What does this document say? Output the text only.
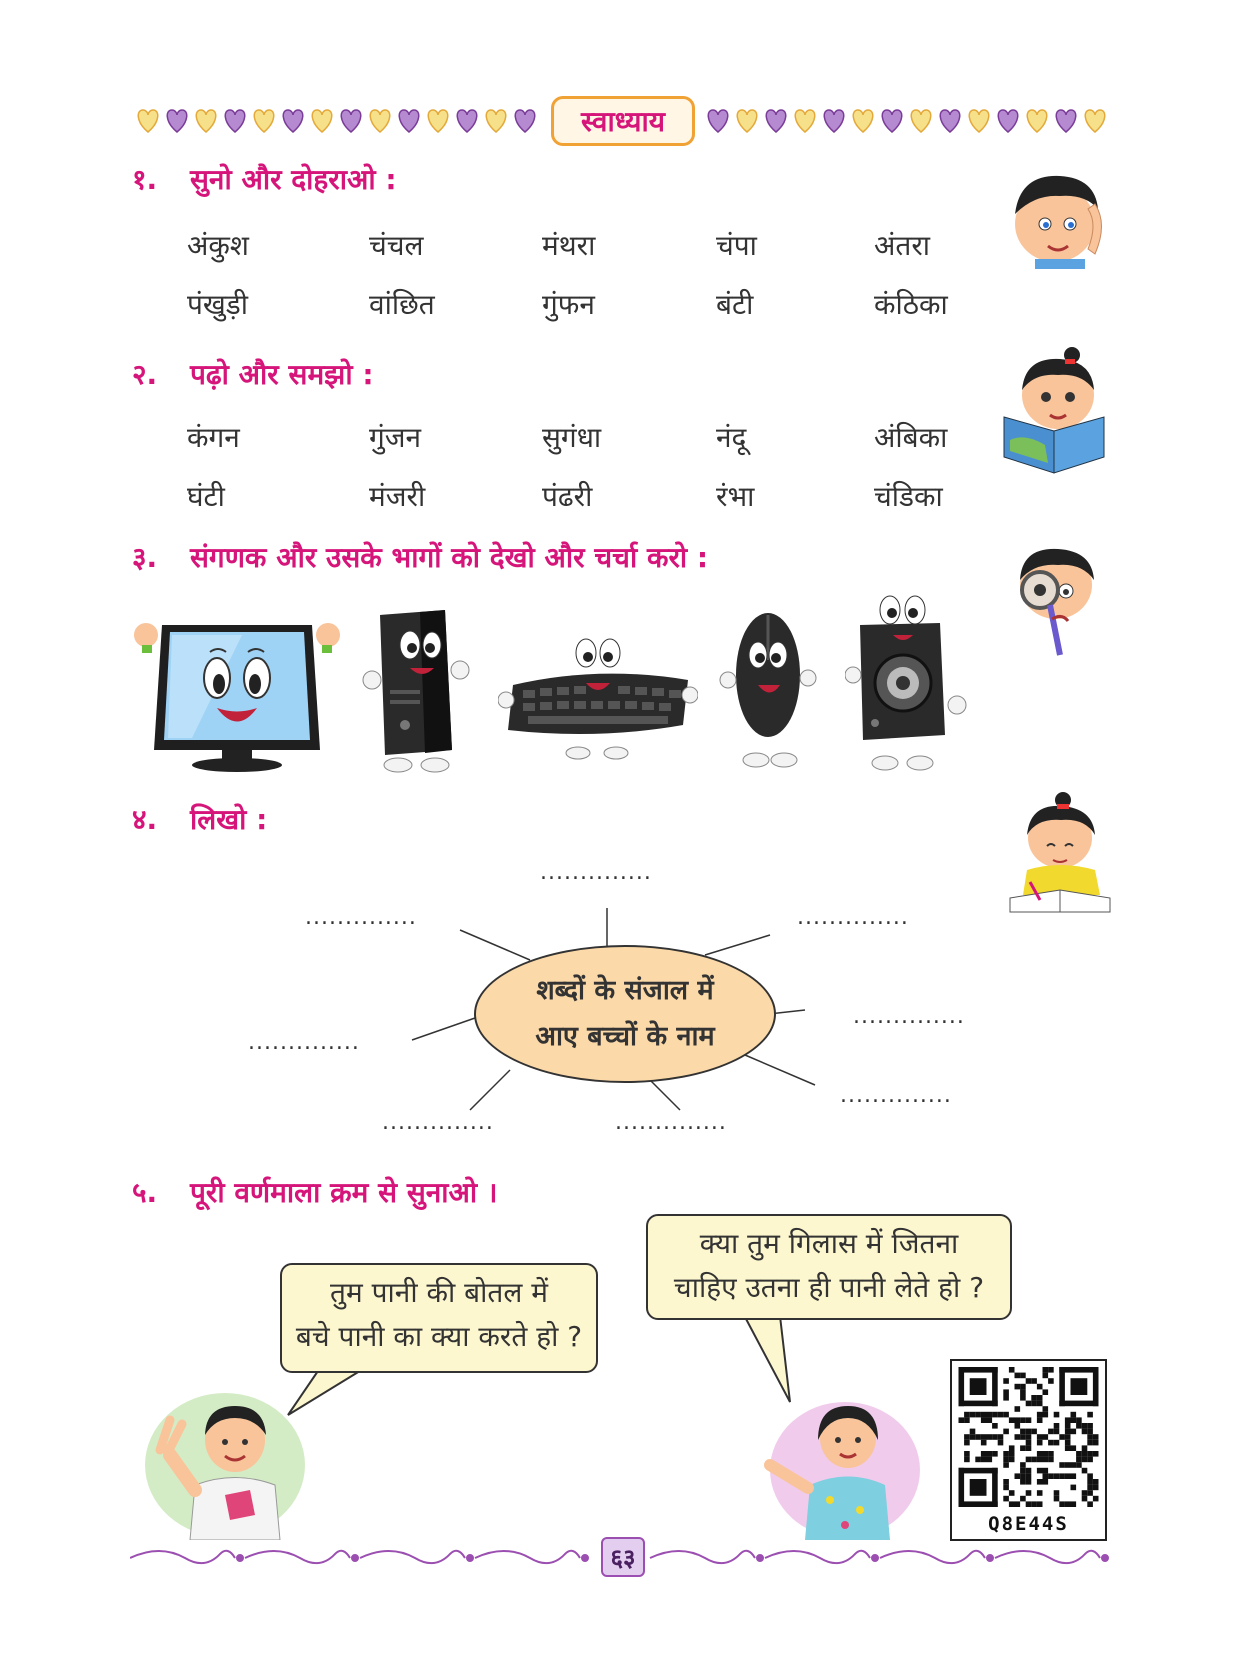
स्वाध्याय
१. सुनो और दोहराओ :
अंकुश	चंचल	मंथरा	चंपा	अंतरा
पंखुड़ी	वांछित	गुंफन	बंटी	कंठिका
२. पढ़ो और समझो :
कंगन	गुंजन	सुगंधा	नंदू	अंबिका
घंटी	मंजरी	पंढरी	रंभा	चंडिका
३. संगणक और उसके भागों को देखो और चर्चा करो :
४. लिखो :
..............
..............	..............
..............
..............
..............
..............	..............
शब्दों के संजाल में
आए बच्चों के नाम
५. पूरी वर्णमाला क्रम से सुनाओ ।
तुम पानी की बोतल में
बचे पानी का क्या करते हो ?
क्या तुम गिलास में जितना
चाहिए उतना ही पानी लेते हो ?
Q8E44S
६३
